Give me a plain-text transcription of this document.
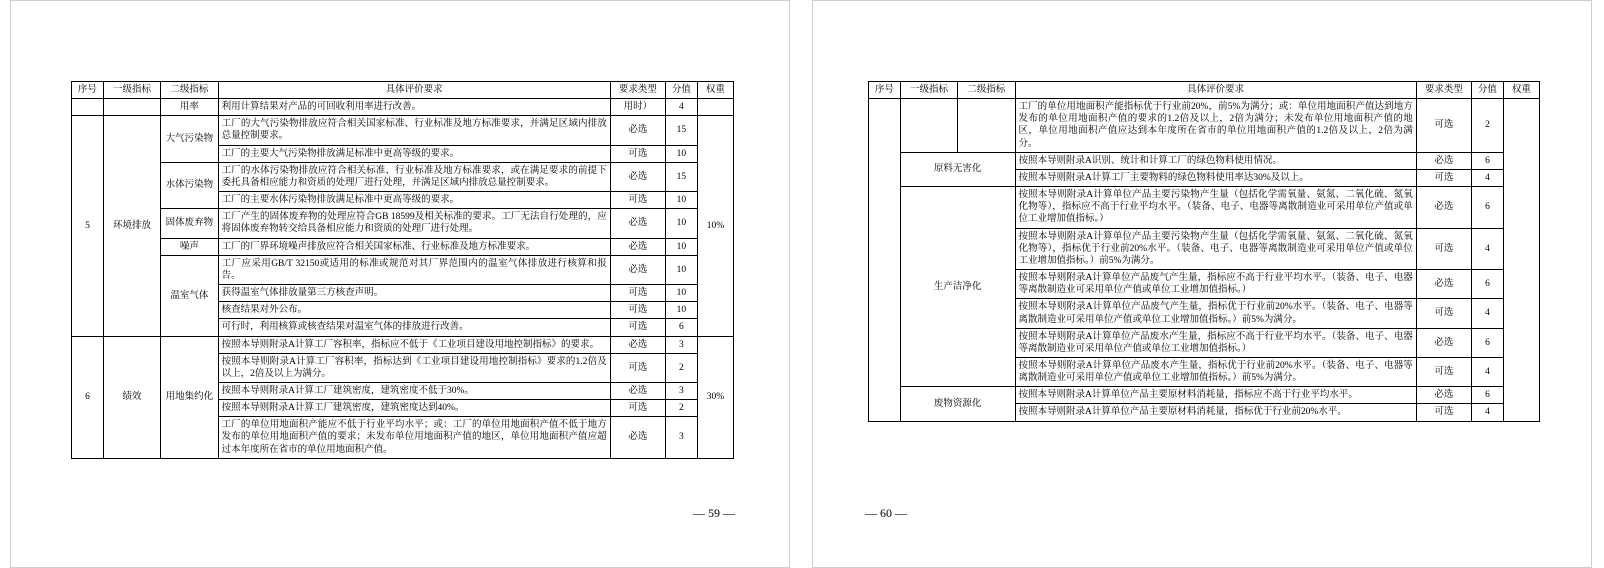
序号	一级指标	二级指标	具体评价要求	要求类型	分值	权重
		用率	利用计算结果对产品的可回收利用率进行改善。	用时）	4	
5	环境排放	大气污染物	工厂的大气污染物排放应符合相关国家标准、行业标准及地方标准要求，并满足区域内排放总量控制要求。	必选	15	10%
			工厂的主要大气污染物排放满足标准中更高等级的要求。	可选	10	
		水体污染物	工厂的水体污染物排放应符合相关标准、行业标准及地方标准要求，或在满足要求的前提下委托具备相应能力和资质的处理厂进行处理，并满足区域内排放总量控制要求。	必选	15	
			工厂的主要水体污染物排放满足标准中更高等级的要求。	可选	10	
		固体废弃物	工厂产生的固体废弃物的处理应符合GB 18599及相关标准的要求。工厂无法自行处理的，应将固体废弃物转交给具备相应能力和资质的处理厂进行处理。	必选	10	
		噪声	工厂的厂界环境噪声排放应符合相关国家标准、行业标准及地方标准要求。	必选	10	
		温室气体	工厂应采用GB/T 32150或适用的标准或规范对其厂界范围内的温室气体排放进行核算和报告。	必选	10	
			获得温室气体排放量第三方核查声明。	可选	10	
			核查结果对外公布。	可选	10	
			可行时，利用核算或核查结果对温室气体的排放进行改善。	可选	6	
6	绩效	用地集约化	按照本导则附录A计算工厂容积率，指标应不低于《工业项目建设用地控制指标》的要求。	必选	3	30%
			按照本导则附录A计算工厂容积率，指标达到《工业项目建设用地控制指标》要求的1.2倍及以上，2倍及以上为满分。	可选	2	
			按照本导则附录A计算工厂建筑密度，建筑密度不低于30%。	必选	3	
			按照本导则附录A计算工厂建筑密度，建筑密度达到40%。	可选	2	
			工厂的单位用地面积产能应不低于行业平均水平；或：工厂的单位用地面积产值不低于地方发布的单位用地面积产值的要求；未发布单位用地面积产值的地区，单位用地面积产值应超过本年度所在省市的单位用地面积产值。	必选	3	
— 59 —
序号	一级指标	二级指标	具体评价要求	要求类型	分值	权重
			工厂的单位用地面积产能指标优于行业前20%，前5%为满分；或：单位用地面积产值达到地方发布的单位用地面积产值的要求的1.2倍及以上，2倍为满分；未发布单位用地面积产值的地区，单位用地面积产值应达到本年度所在省市的单位用地面积产值的1.2倍及以上，2倍为满分。	可选	2	
	原料无害化		按照本导则附录A识别、统计和计算工厂的绿色物料使用情况。	必选	6	
			按照本导则附录A计算工厂主要物料的绿色物料使用率达30%及以上。	可选	4	
	生产洁净化		按照本导则附录A计算单位产品主要污染物产生量（包括化学需氧量、氨氮、二氧化硫、氮氧化物等），指标应不高于行业平均水平。（装备、电子、电器等离散制造业可采用单位产值或单位工业增加值指标。）	必选	6	
			按照本导则附录A计算单位产品主要污染物产生量（包括化学需氧量、氨氮、二氧化硫、氮氧化物等），指标优于行业前20%水平。（装备、电子、电器等离散制造业可采用单位产值或单位工业增加值指标。）前5%为满分。	可选	4	
			按照本导则附录A计算单位产品废气产生量，指标应不高于行业平均水平。（装备、电子、电器等离散制造业可采用单位产值或单位工业增加值指标。）	必选	6	
			按照本导则附录A计算单位产品废气产生量，指标优于行业前20%水平。（装备、电子、电器等离散制造业可采用单位产值或单位工业增加值指标。）前5%为满分。	可选	4	
			按照本导则附录A计算单位产品废水产生量，指标应不高于行业平均水平。（装备、电子、电器等离散制造业可采用单位产值或单位工业增加值指标。）	必选	6	
			按照本导则附录A计算单位产品废水产生量，指标优于行业前20%水平。（装备、电子、电器等离散制造业可采用单位产值或单位工业增加值指标。）前5%为满分。	可选	4	
	废物资源化		按照本导则附录A计算单位产品主要原材料消耗量，指标应不高于行业平均水平。	必选	6	
			按照本导则附录A计算单位产品主要原材料消耗量，指标优于行业前20%水平。	可选	4	
— 60 —
